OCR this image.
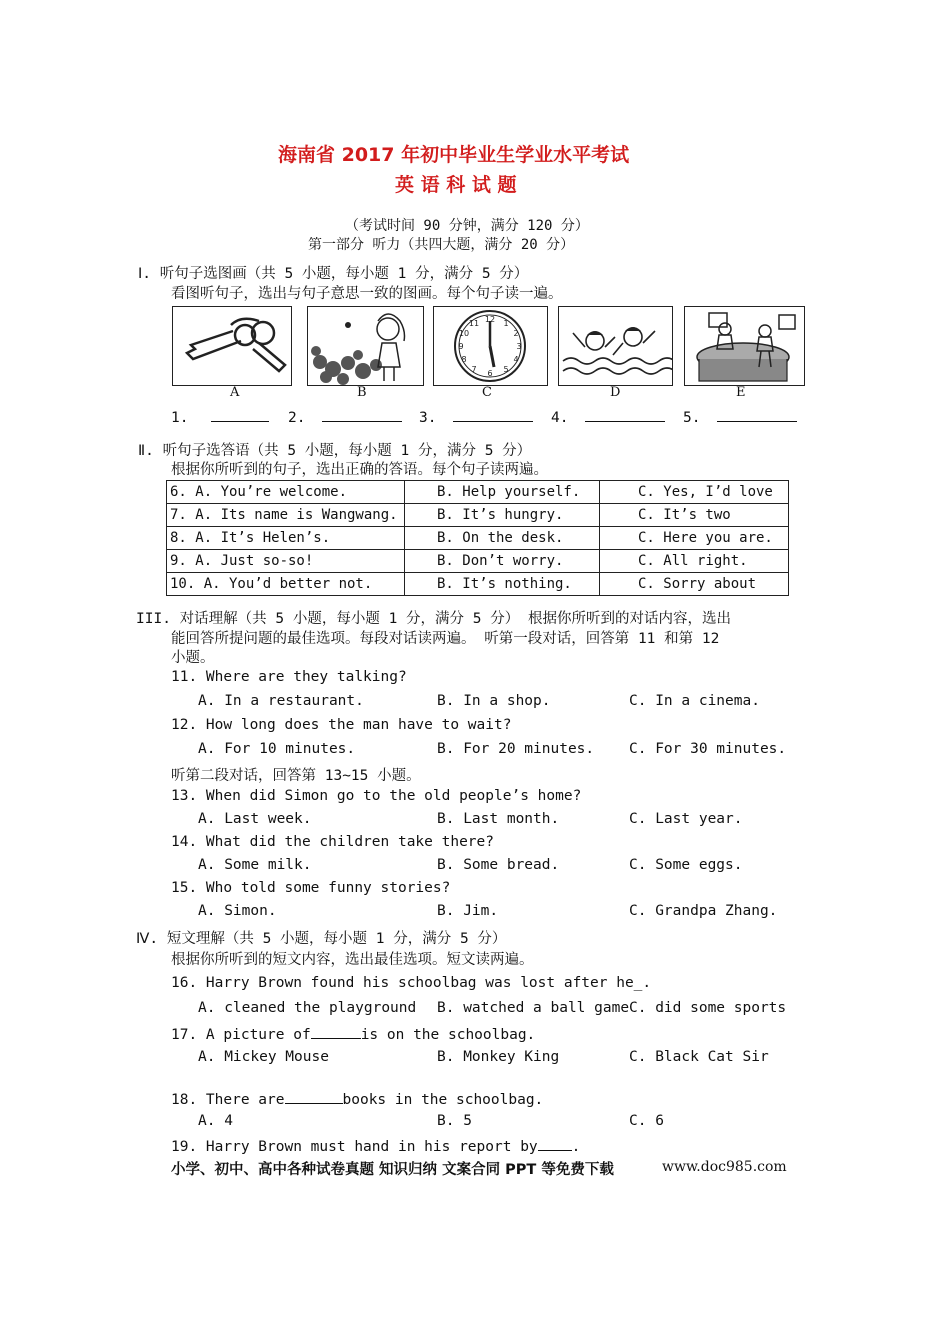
海南省 2017 年初中毕业生学业水平考试
英 语 科 试 题
（考试时间 90 分钟，满分 120 分）
第一部分 听力（共四大题，满分 20 分）
Ⅰ. 听句子选图画（共 5 小题，每小题 1 分，满分 5 分）
看图听句子，选出与句子意思一致的图画。每个句子读一遍。
A	B
12 1
2
3
4
5
6
7
8
9
10
11
C	D	E
1.	2.	3.	4.	5.
Ⅱ. 听句子选答语（共 5 小题，每小题 1 分，满分 5 分）
根据你所听到的句子，选出正确的答语。每个句子读两遍。
6. A. You’re welcome.	B. Help yourself.	C. Yes, I’d love
7. A. Its name is Wangwang.	B. It’s hungry.	C. It’s two
8. A. It’s Helen’s.	B. On the desk.	C. Here you are.
9. A. Just so-so!	B. Don’t worry.	C. All right.
10. A. You’d better not.	B. It’s nothing.	C. Sorry about
III. 对话理解（共 5 小题，每小题 1 分，满分 5 分） 根据你所听到的对话内容，选出
能回答所提问题的最佳选项。每段对话读两遍。 听第一段对话，回答第 11 和第 12
小题。
11. Where are they talking?
A. In a restaurant.	B. In a shop.	C. In a cinema.
12. How long does the man have to wait?
A. For 10 minutes.	B. For 20 minutes. C. For 30 minutes.
听第二段对话，回答第 13~15 小题。
13. When did Simon go to the old people’s home?
A. Last week.	B. Last month.	C. Last year.
14. What did the children take there?
A. Some milk.	B. Some bread.	C. Some eggs.
15. Who told some funny stories?
A. Simon.	B. Jim.	C. Grandpa Zhang.
Ⅳ. 短文理解（共 5 小题，每小题 1 分，满分 5 分）
根据你所听到的短文内容，选出最佳选项。短文读两遍。
16. Harry Brown found his schoolbag was lost after he_.
A. cleaned the playground B. watched a ball game C. did some sports
17. A picture of	is on the schoolbag.
A. Mickey Mouse	B. Monkey King	C. Black Cat Sir
18. There are	books in the schoolbag.
A. 4	B. 5	C. 6
19. Harry Brown must hand in his report by .
小学、初中、高中各种试卷真题 知识归纳 文案合同 PPT 等免费下载	www.doc985.com
